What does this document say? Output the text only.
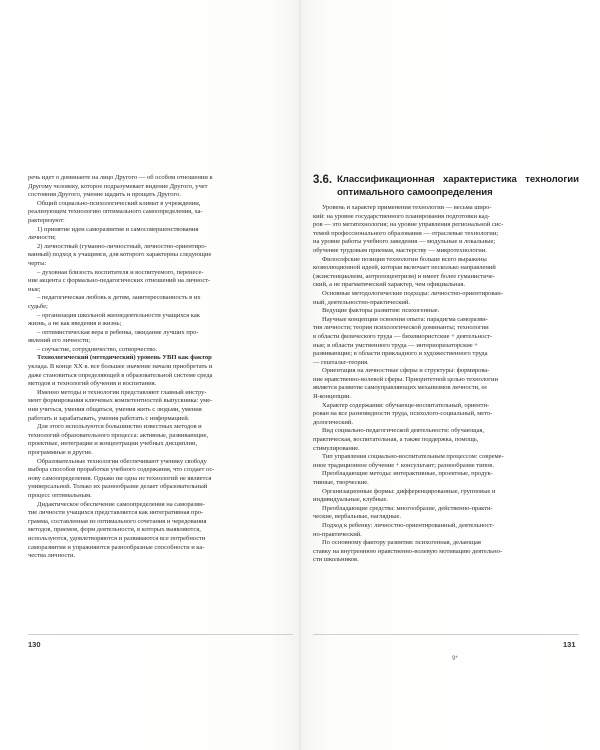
речь идет о доминанте на лицо Другого — об особом отношении к
Другому человеку, которое подразумевает видение Другого, учет
состояния Другого, умение щадить и прощать Другого.
Общий социально-психологический климат в учреждении,
реализующем технологию оптимального самоопределения, ха-
рактеризуют:
1) принятие идеи саморазвития и самосовершенствования
личности;
2) личностный (гуманно-личностный, личностно-ориентиро-
ванный) подход к учащимся, для которого характерны следующие
черты:
– духовная близость воспитателя и воспитуемого, перенесе-
ние акцента с формально-педагогических отношений на личност-
ные;
– педагогическая любовь к детям, заинтересованность в их
судьбе;
– организация школьной жизнедеятельности учащихся как
жизнь, а не как введения в жизнь;
– оптимистическая вера в ребенка, ожидание лучших про-
явлений его личности;
– соучастие, сотрудничество, сотворчество.
Технологический (методический) уровень УВП как фактор
уклада. В конце XX в. все большее значение начали приобретать и
даже становиться определяющей в образовательной системе среда
методов и технологий обучения и воспитания.
Именно методы и технологии представляют главный инстру-
мент формирования ключевых компетентностей выпускника: уме-
ния учиться, умения общаться, умения жить с людьми, умения
работать и зарабатывать, умения работать с информацией.
Для этого используются большинство известных методов и
технологий образовательного процесса: активные, развивающие,
проектные, интеграции и концентрации учебных дисциплин,
программные и другие.
Образовательные технологии обеспечивают ученику свободу
выбора способов проработки учебного содержания, что создает ос-
нову самоопределения. Однако ни одна из технологий не является
универсальной. Только их разнообразие делает образовательный
процесс оптимальным.
Дидактическое обеспечение самоопределения на саморазви-
тие личности учащихся представляется как интегративная про-
грамма, составленная из оптимального сочетания и чередования
методов, приемов, форм деятельности, в которых выявляются,
используются, удовлетворяются и развиваются все потребности
саморазвития и упражняются разнообразные способности и ка-
чества личности.
3.6. Классификационная характеристика технологии оптимального самоопределения
Уровень и характер применения технологии — весьма широ-
кий: на уровне государственного планирования подготовки кад-
ров — это метатехнология; на уровне управления региональной сис-
темой профессионального образования — отраслевые технологии;
на уровне работы учебного заведения — модульные и локальные;
обучение трудовым приемам, мастерству — микротехнологии.
Философские позиции технологии больше всего выражены
коэволюционной идеей, которая включает несколько направлений
(экзистенциализм, антропоцентризм) и имеет более гуманистиче-
ский, а не прагматический характер, чем официальная.
Основные методологические подходы: личностно-ориентирован-
ный, деятельностно-практический.
Ведущие факторы развития: психогенные.
Научные концепции освоения опыта: парадигма саморазви-
тия личности; теория психологической доминанты; технологии
в области физического труда — бихевиористские + деятельност-
ные; в области умственного труда — интериоризаторские +
развивающие; в области прикладного и художественного труда
— гештальт-теория.
Ориентация на личностные сферы и структуры: формирова-
ние нравственно-волевой сферы. Приоритетной целью технологии
является развитие самоуправляющих механизмов личности, ее
Я-концепции.
Характер содержания: обучающе-воспитательный, ориенти-
рован на все разновидности труда, психолого-социальный, мето-
дологический.
Вид социально-педагогической деятельности: обучающая,
практическая, воспитательная, а также поддержка, помощь,
стимулирование.
Тип управления социально-воспитательным процессом: совреме-
нное традиционное обучение + консультант; разнообразие типов.
Преобладающие методы: интерактивные, проектные, продук-
тивные, творческие.
Организационные формы: дифференцированные, групповые и
индивидуальные, клубные.
Преобладающие средства: многообразие, действенно-практи-
ческие, вербальные, наглядные.
Подход к ребенку: личностно-ориентированный, деятельност-
но-практический.
По основному фактору развития: психогенная, делающая
ставку на внутреннюю нравственно-волевую мотивацию деятельно-
сти школьников.
130
9*
131
